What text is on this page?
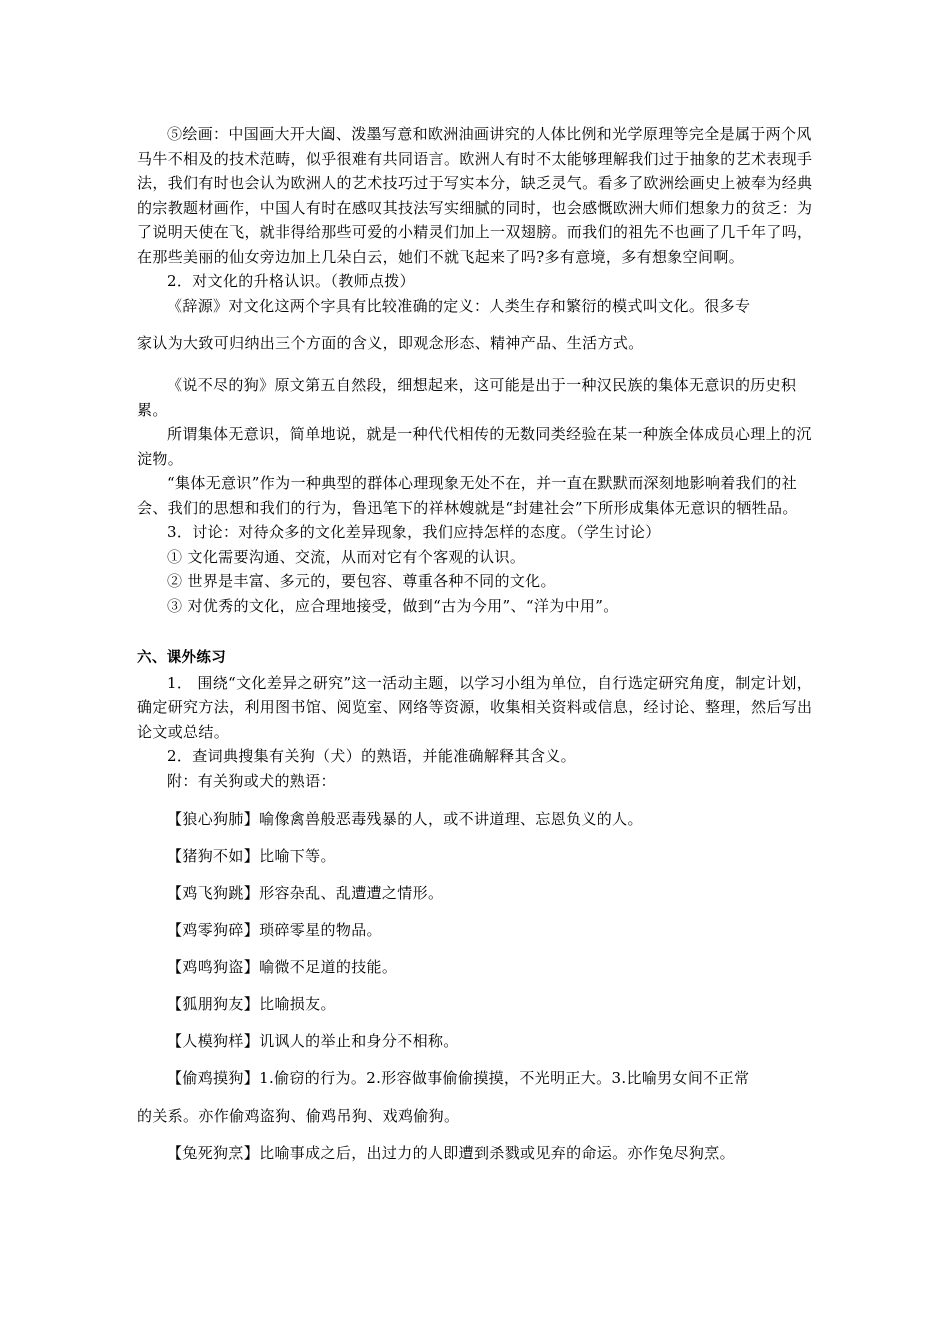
⑤绘画：中国画大开大阖、泼墨写意和欧洲油画讲究的人体比例和光学原理等完全是属于两个风马牛不相及的技术范畴，似乎很难有共同语言。欧洲人有时不太能够理解我们过于抽象的艺术表现手法，我们有时也会认为欧洲人的艺术技巧过于写实本分，缺乏灵气。看多了欧洲绘画史上被奉为经典的宗教题材画作，中国人有时在感叹其技法写实细腻的同时，也会感慨欧洲大师们想象力的贫乏：为了说明天使在飞，就非得给那些可爱的小精灵们加上一双翅膀。而我们的祖先不也画了几千年了吗，在那些美丽的仙女旁边加上几朵白云，她们不就飞起来了吗?多有意境，多有想象空间啊。

2．对文化的升格认识。（教师点拨）

《辞源》对文化这两个字具有比较准确的定义：人类生存和繁衍的模式叫文化。很多专

家认为大致可归纳出三个方面的含义，即观念形态、精神产品、生活方式。

《说不尽的狗》原文第五自然段，细想起来，这可能是出于一种汉民族的集体无意识的历史积累。

所谓集体无意识，简单地说，就是一种代代相传的无数同类经验在某一种族全体成员心理上的沉淀物。

“集体无意识”作为一种典型的群体心理现象无处不在，并一直在默默而深刻地影响着我们的社会、我们的思想和我们的行为，鲁迅笔下的祥林嫂就是“封建社会”下所形成集体无意识的牺牲品。

3．讨论：对待众多的文化差异现象，我们应持怎样的态度。（学生讨论）

① 文化需要沟通、交流，从而对它有个客观的认识。

② 世界是丰富、多元的，要包容、尊重各种不同的文化。

③ 对优秀的文化，应合理地接受，做到“古为今用”、“洋为中用”。

六、课外练习

1． 围绕“文化差异之研究”这一活动主题，以学习小组为单位，自行选定研究角度，制定计划，确定研究方法，利用图书馆、阅览室、网络等资源，收集相关资料或信息，经讨论、整理，然后写出论文或总结。

2．查词典搜集有关狗（犬）的熟语，并能准确解释其含义。

附：有关狗或犬的熟语：

【狼心狗肺】喻像禽兽般恶毒残暴的人，或不讲道理、忘恩负义的人。

【猪狗不如】比喻下等。

【鸡飞狗跳】形容杂乱、乱遭遭之情形。

【鸡零狗碎】琐碎零星的物品。

【鸡鸣狗盗】喻微不足道的技能。

【狐朋狗友】比喻损友。

【人模狗样】讥讽人的举止和身分不相称。

【偷鸡摸狗】1.偷窃的行为。2.形容做事偷偷摸摸，不光明正大。3.比喻男女间不正常

的关系。亦作偷鸡盗狗、偷鸡吊狗、戏鸡偷狗。

【兔死狗烹】比喻事成之后，出过力的人即遭到杀戮或见弃的命运。亦作兔尽狗烹。
